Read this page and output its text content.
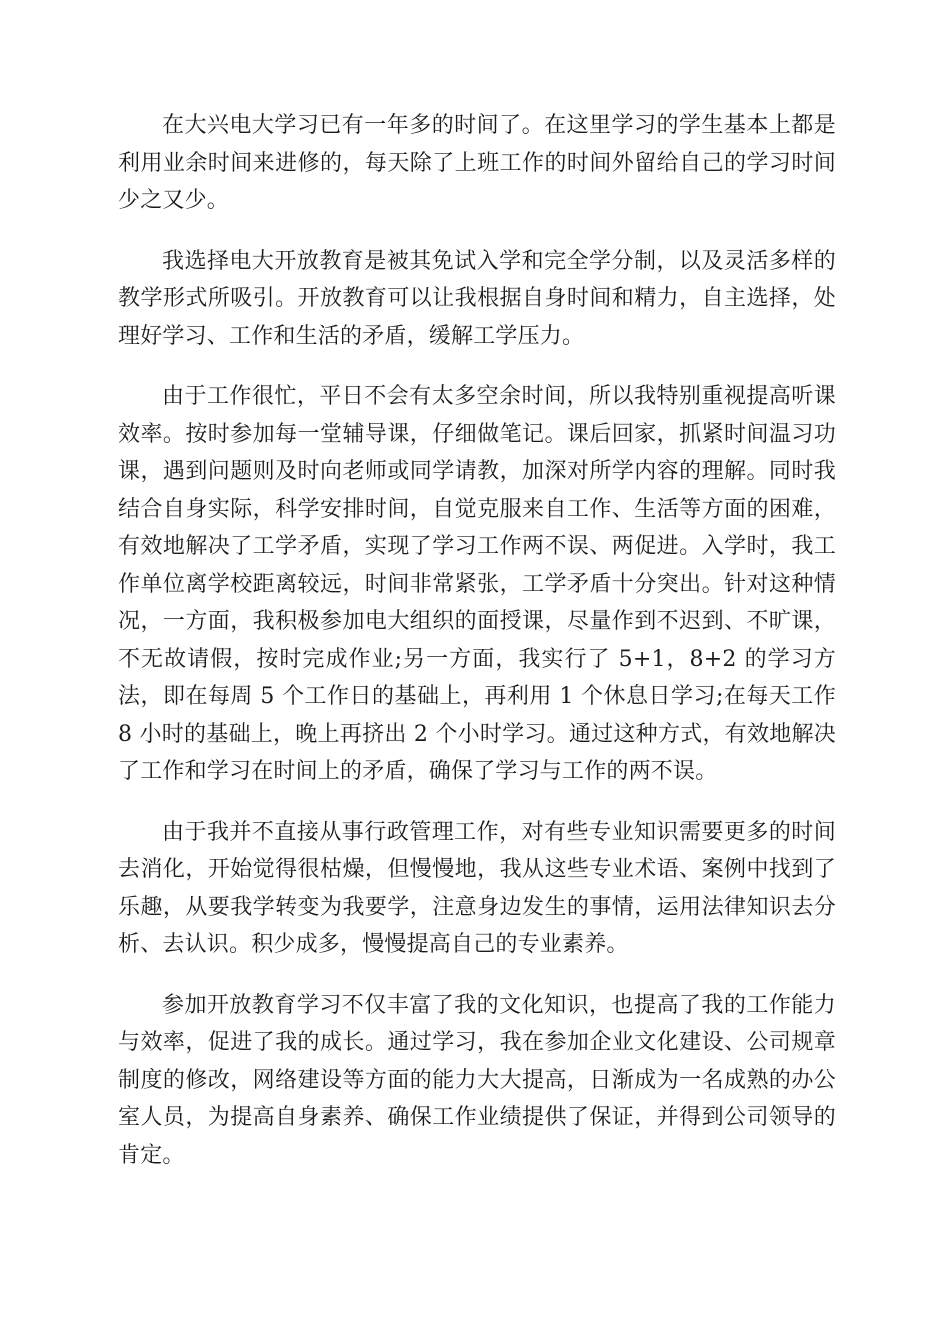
在大兴电大学习已有一年多的时间了。在这里学习的学生基本上都是利用业余时间来进修的，每天除了上班工作的时间外留给自己的学习时间少之又少。

我选择电大开放教育是被其免试入学和完全学分制，以及灵活多样的教学形式所吸引。开放教育可以让我根据自身时间和精力，自主选择，处理好学习、工作和生活的矛盾，缓解工学压力。

由于工作很忙，平日不会有太多空余时间，所以我特别重视提高听课效率。按时参加每一堂辅导课，仔细做笔记。课后回家，抓紧时间温习功课，遇到问题则及时向老师或同学请教，加深对所学内容的理解。同时我结合自身实际，科学安排时间，自觉克服来自工作、生活等方面的困难，有效地解决了工学矛盾，实现了学习工作两不误、两促进。入学时，我工作单位离学校距离较远，时间非常紧张，工学矛盾十分突出。针对这种情况，一方面，我积极参加电大组织的面授课，尽量作到不迟到、不旷课，不无故请假，按时完成作业;另一方面，我实行了 5+1，8+2 的学习方法，即在每周 5 个工作日的基础上，再利用 1 个休息日学习;在每天工作 8 小时的基础上，晚上再挤出 2 个小时学习。通过这种方式，有效地解决了工作和学习在时间上的矛盾，确保了学习与工作的两不误。

由于我并不直接从事行政管理工作，对有些专业知识需要更多的时间去消化，开始觉得很枯燥，但慢慢地，我从这些专业术语、案例中找到了乐趣，从要我学转变为我要学，注意身边发生的事情，运用法律知识去分析、去认识。积少成多，慢慢提高自己的专业素养。

参加开放教育学习不仅丰富了我的文化知识，也提高了我的工作能力与效率，促进了我的成长。通过学习，我在参加企业文化建设、公司规章制度的修改，网络建设等方面的能力大大提高，日渐成为一名成熟的办公室人员，为提高自身素养、确保工作业绩提供了保证，并得到公司领导的肯定。
